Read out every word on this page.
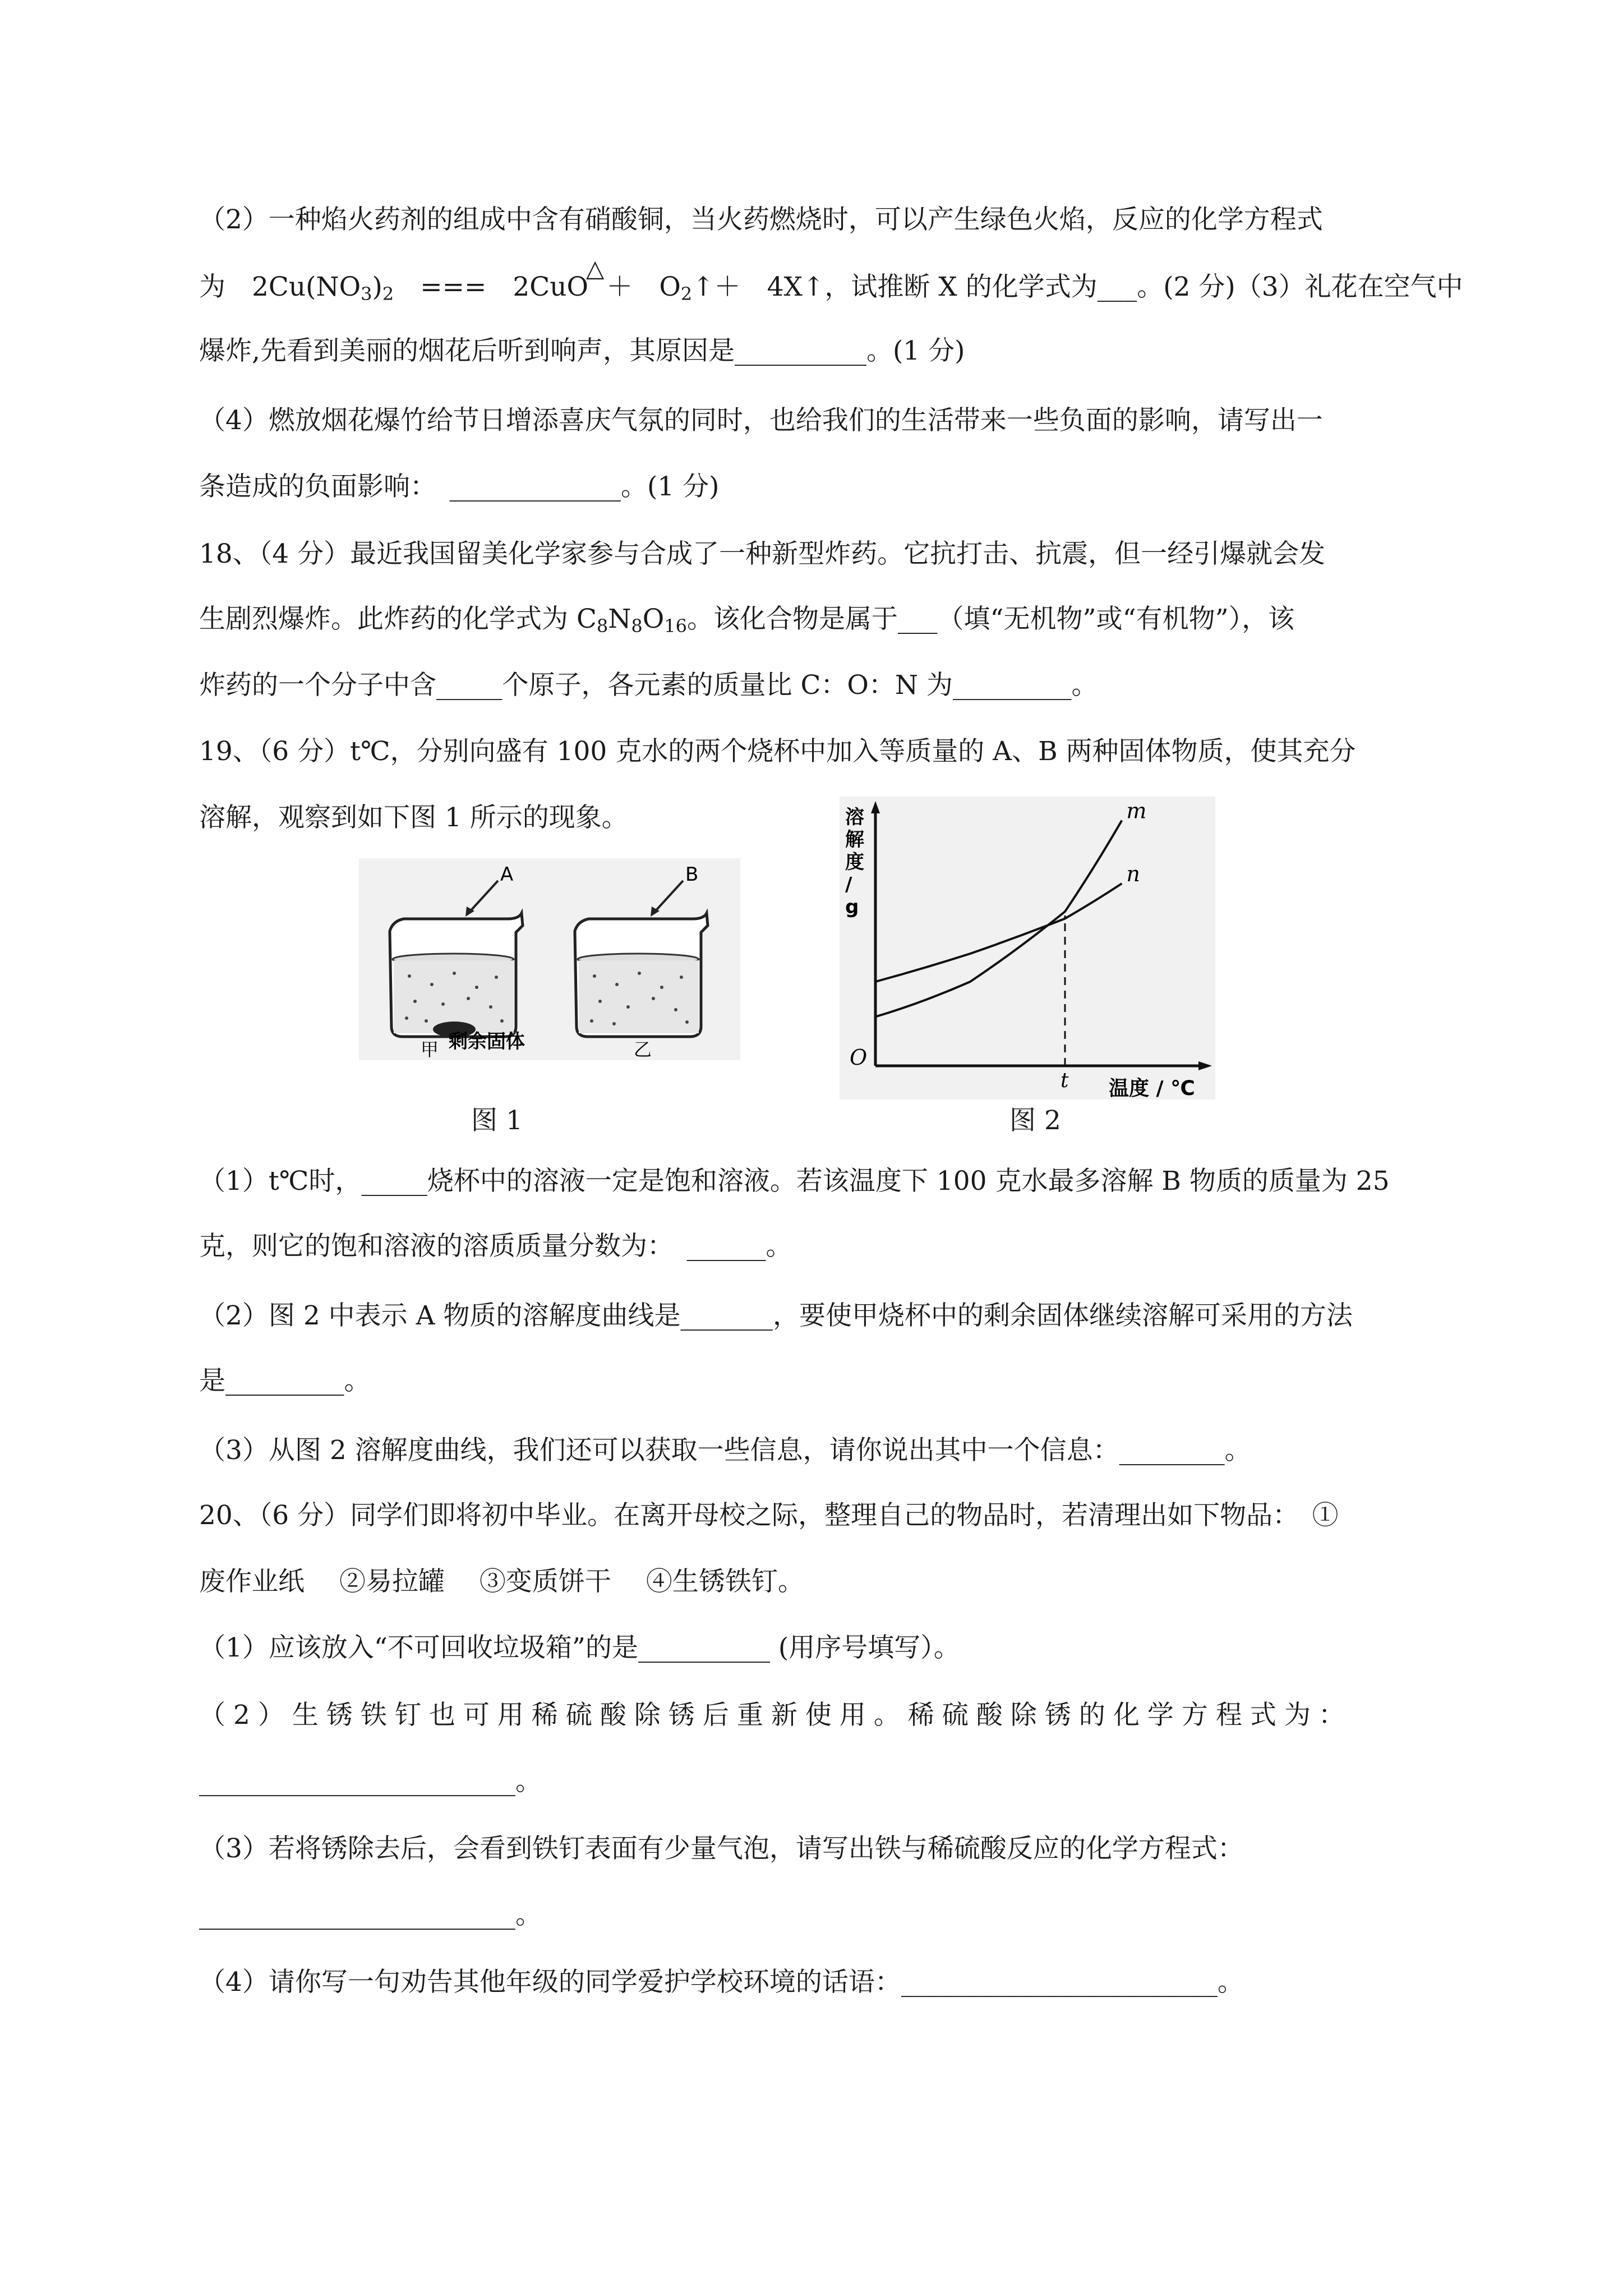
（2）一种焰火药剂的组成中含有硝酸铜，当火药燃烧时，可以产生绿色火焰，反应的化学方程式
为　$2Cu(NO_3)_2$　===　2CuO△＋　$O_2↑+$　4X↑，试推断 X 的化学式为___。(2 分)（3）礼花在空气中
爆炸,先看到美丽的烟花后听到响声，其原因是__________。(1 分)
（4）燃放烟花爆竹给节日增添喜庆气氛的同时，也给我们的生活带来一些负面的影响，请写出一
条造成的负面影响：　_____________。(1 分)
18、（4 分）最近我国留美化学家参与合成了一种新型炸药。它抗打击、抗震，但一经引爆就会发
生剧烈爆炸。此炸药的化学式为 $C_8N_8O_{16}$。该化合物是属于___（填“无机物”或“有机物”），该
炸药的一个分子中含_____个原子，各元素的质量比 C：O：N 为_________。
19、（6 分）t℃，分别向盛有 100 克水的两个烧杯中加入等质量的 A、B 两种固体物质，使其充分
溶解，观察到如下图 1 所示的现象。
A	B
剩余固体
甲	乙
图 1
溶
解
度
/
g
O
温度 / ℃
t
m
n
图 2
（1）t℃时，_____烧杯中的溶液一定是饱和溶液。若该温度下 100 克水最多溶解 B 物质的质量为 25
克，则它的饱和溶液的溶质质量分数为：　______。
（2）图 2 中表示 A 物质的溶解度曲线是_______，要使甲烧杯中的剩余固体继续溶解可采用的方法
是_________。
（3）从图 2 溶解度曲线，我们还可以获取一些信息，请你说出其中一个信息：________。
20、（6 分）同学们即将初中毕业。在离开母校之际，整理自己的物品时，若清理出如下物品：　①
废作业纸　 ②易拉罐　 ③变质饼干　 ④生锈铁钉。
（1）应该放入“不可回收垃圾箱”的是__________ (用序号填写）。
（2）生锈铁钉也可用稀硫酸除锈后重新使用。稀硫酸除锈的化学方程式为：
________________________。
（3）若将锈除去后，会看到铁钉表面有少量气泡，请写出铁与稀硫酸反应的化学方程式：
________________________。
（4）请你写一句劝告其他年级的同学爱护学校环境的话语：________________________。
